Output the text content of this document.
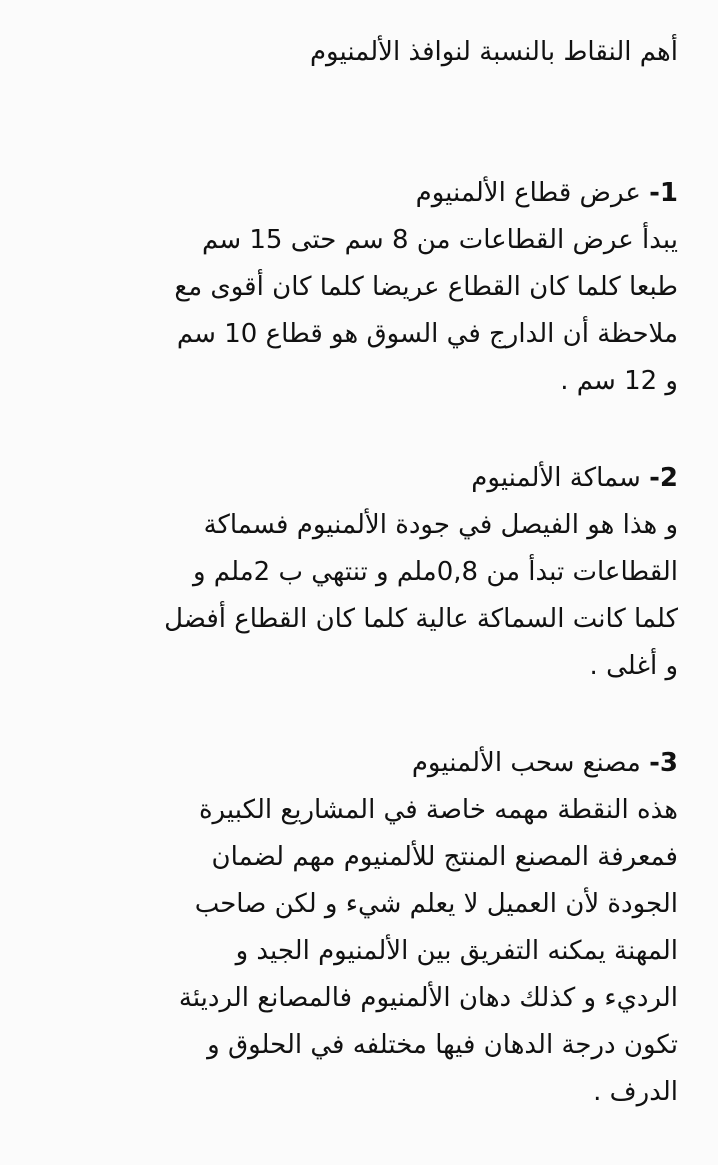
أهم النقاط بالنسبة لنوافذ الألمنيوم
1- عرض قطاع الألمنيوم

يبدأ عرض القطاعات من 8 سم حتى 15 سم

طبعا كلما كان القطاع عريضا كلما كان أقوى مع

ملاحظة أن الدارج في السوق هو قطاع 10 سم

و 12 سم .

2- سماكة الألمنيوم

و هذا هو الفيصل في جودة الألمنيوم فسماكة

القطاعات تبدأ من 0,8ملم و تنتهي ب 2ملم و

كلما كانت السماكة عالية كلما كان القطاع أفضل

و أغلى .

3- مصنع سحب الألمنيوم

هذه النقطة مهمه خاصة في المشاريع الكبيرة

فمعرفة المصنع المنتج للألمنيوم مهم لضمان

الجودة لأن العميل لا يعلم شيء و لكن صاحب

المهنة يمكنه التفريق بين الألمنيوم الجيد و

الرديء و كذلك دهان الألمنيوم فالمصانع الرديئة

تكون درجة الدهان فيها مختلفه في الحلوق و

الدرف .
